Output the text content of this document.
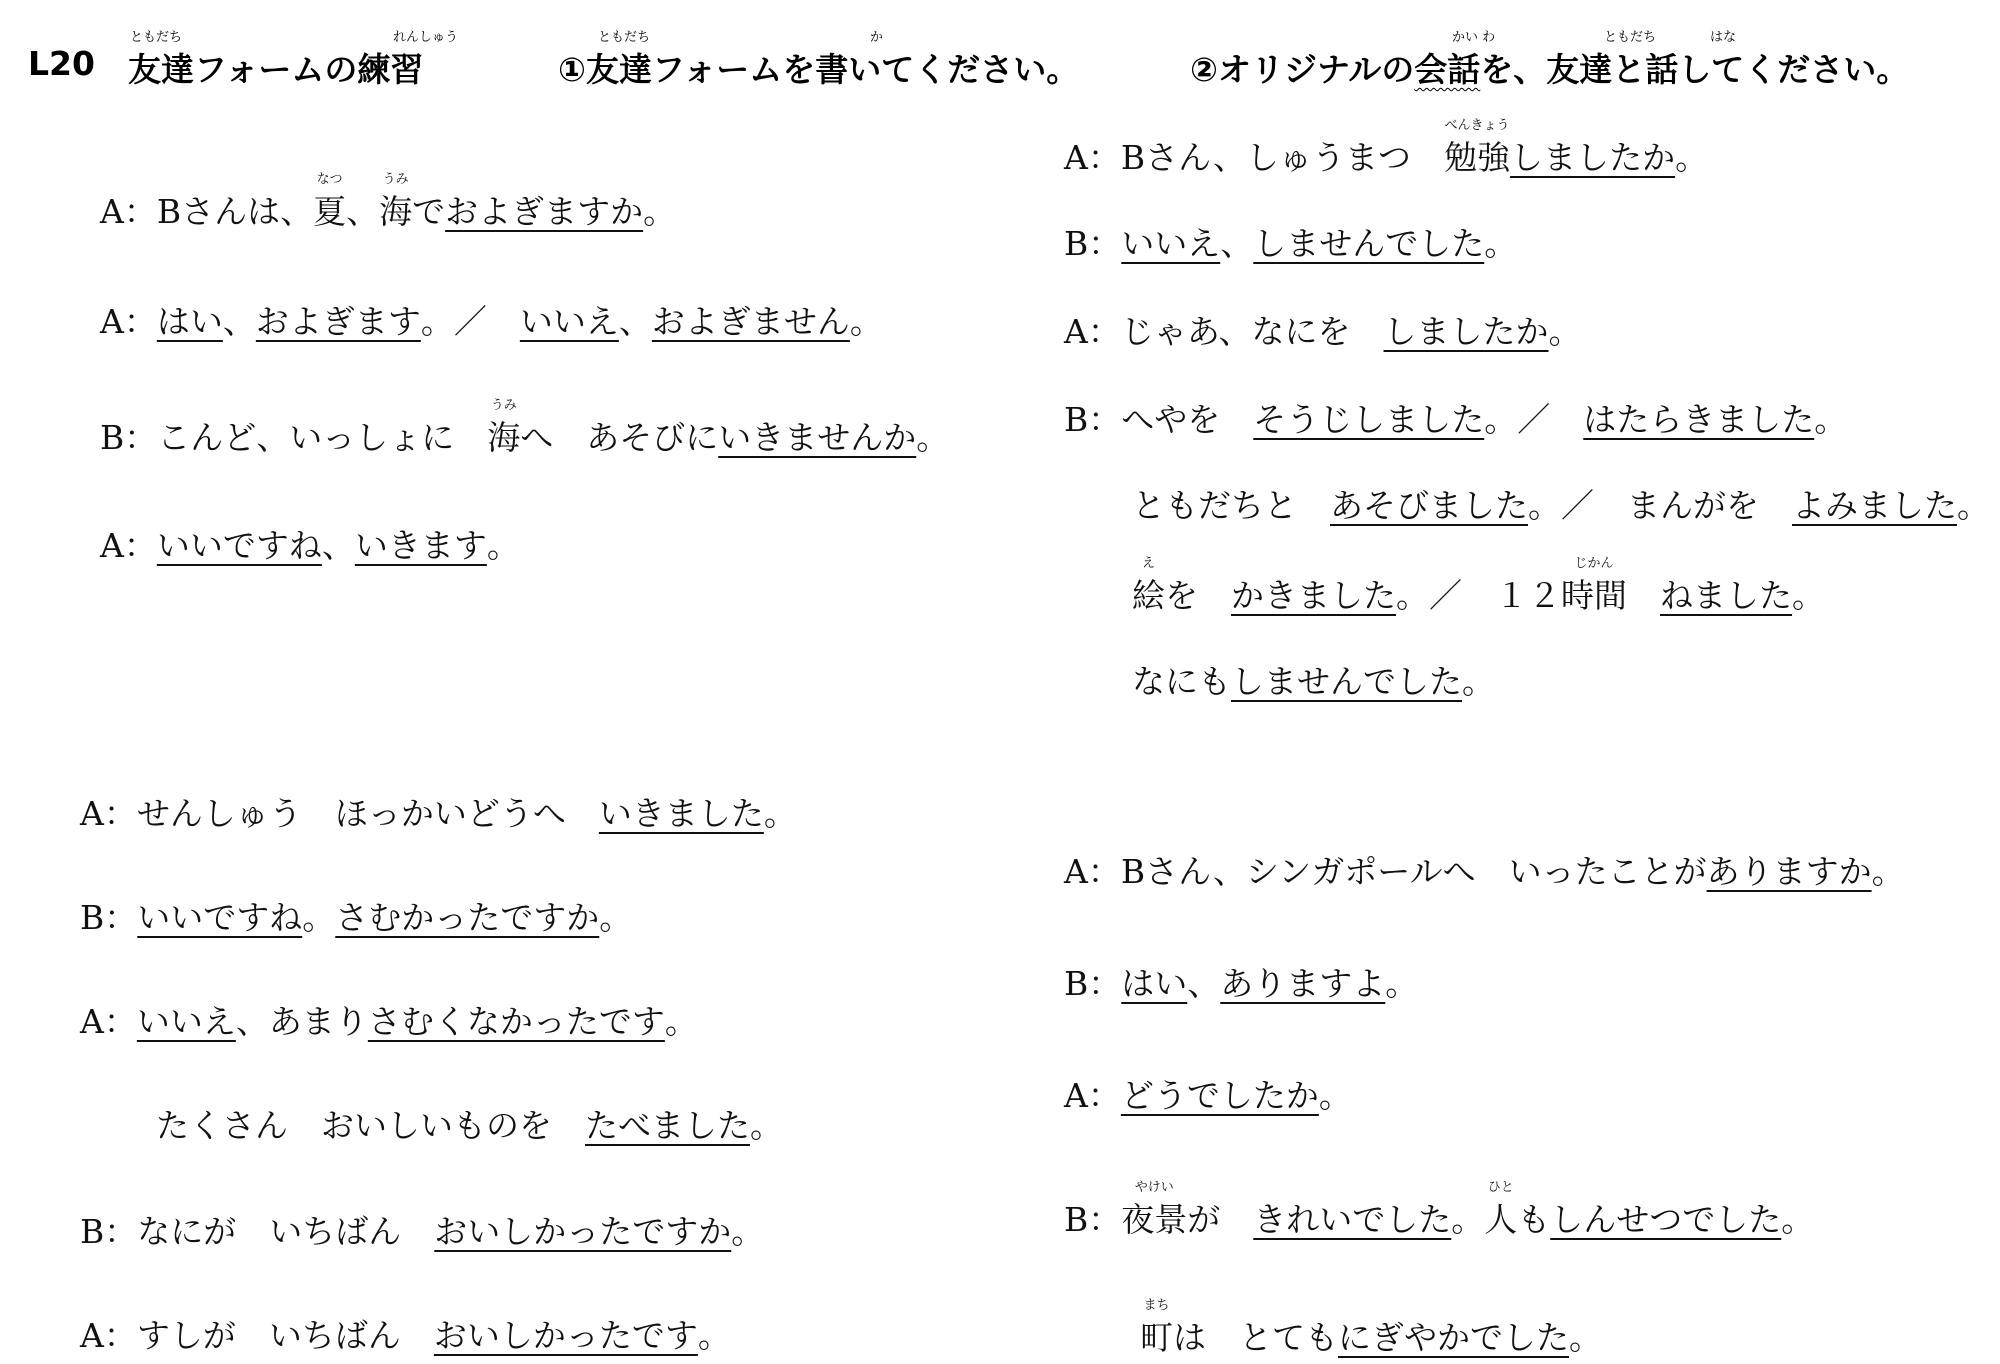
L20
ともだち	れんしゅう
友達フォームの練習
ともだち	か
①友達フォームを書いてください。
かい わ	ともだち	はな
②オリジナルの会話を、友達と話してください。
A：Bさんは、
なつ
夏、
うみ
海でおよぎますか。
A：はい、およぎます。／　いいえ、およぎません。
B：こんど、いっしょに　
うみ
海へ　あそびにいきませんか。
A：いいですね、いきます。
A：Bさん、しゅうまつ　
べんきょう
勉強しましたか。
B：いいえ、しませんでした。
A：じゃあ、なにを　しましたか。
B：へやを　そうじしました。／　はたらきました。
ともだちと　あそびました。／　まんがを　よみました。
え
絵を　かきました。／　１２
じかん
時間　 ねました。
なにもしませんでした。
A：せんしゅう　ほっかいどうへ　いきました。
B：いいですね。さむかったですか。
A：いいえ、あまりさむくなかったです。
たくさん　おいしいものを　たべました。
B：なにが　いちばん　おいしかったですか。
A：すしが　いちばん　おいしかったです。
A：Bさん、シンガポールへ　いったことがありますか。
B：はい、ありますよ。
A：どうでしたか。
B：
やけい
夜景が　きれいでした。
ひと
人もしんせつでした。
まち
町は　とてもにぎやかでした。
